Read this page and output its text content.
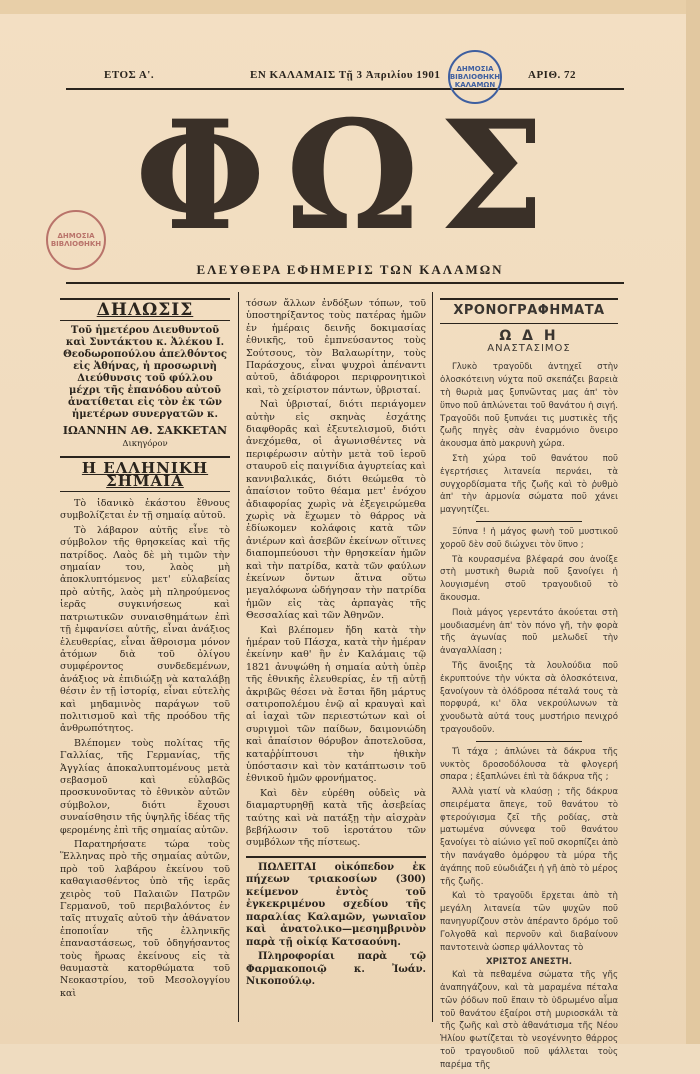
ΕΤΟΣ Α'.	ΕΝ ΚΑΛΑΜΑΙΣ Τῇ 3 Ἀπριλίου 1901	ΑΡΙΘ. 72
ΔΗΜΟΣΙΑ ΒΙΒΛΙΟΘΗΚΗ ΚΑΛΑΜΩΝ
ΦΩΣ
ΔΗΜΟΣΙΑ ΒΙΒΛΙΟΘΗΚΗ
ΕΛΕΥΘΕΡΑ ΕΦΗΜΕΡΙΣ ΤΩΝ ΚΑΛΑΜΩΝ
ΔΗΛΩΣΙΣ
Τοῦ ἡμετέρου Διευθυντοῦ καὶ Συντάκτου κ. Ἀλέκου Ι. Θεοδωροπούλου ἀπελθόντος εἰς Ἀθήνας, ἡ προσωρινὴ Διεύθυνσις τοῦ φύλλου μέχρι τῆς ἐπανόδου αὐτοῦ ἀνατίθεται εἰς τὸν ἐκ τῶν ἡμετέρων συνεργατῶν κ.
ΙΩΑΝΝΗΝ ΑΘ. ΣΑΚΚΕΤΑΝ
Δικηγόρον
Η ΕΛΛΗΝΙΚΗ ΣΗΜΑΙΑ

Τὸ ἰδανικὸ ἑκάστου ἔθνους συμβολίζεται ἐν τῇ σημαίᾳ αὐτοῦ.

Τὸ λάβαρον αὐτῆς εἶνε τὸ σύμβολον τῆς θρησκείας καὶ τῆς πατρίδος. Λαὸς δὲ μὴ τιμῶν τὴν σημαίαν του, λαὸς μὴ ἀποκλυπτόμενος μετ' εὐλαβείας πρὸ αὐτῆς, λαὸς μὴ πληρούμενος ἱερᾶς συγκινήσεως καὶ πατριωτικῶν συναισθημάτων ἐπὶ τῇ ἐμφανίσει αὐτῆς, εἶναι ἀνάξιος ἐλευθερίας, εἶναι ἄθροισμα μόνον ἀτόμων διὰ τοῦ ὀλίγου συμφέροντος συνδεδεμένων, ἀνάξιος νὰ ἐπιδιώξῃ νὰ καταλάβῃ θέσιν ἐν τῇ ἱστορίᾳ, εἶναι εὐτελὴς καὶ μηδαμινὸς παράγων τοῦ πολιτισμοῦ καὶ τῆς προόδου τῆς ἀνθρωπότητος.

Βλέπομεν τοὺς πολίτας τῆς Γαλλίας, τῆς Γερμανίας, τῆς Ἀγγλίας ἀποκαλυπτομένους μετὰ σεβασμοῦ καὶ εὐλαβῶς προσκυνοῦντας τὸ ἐθνικὸν αὐτῶν σύμβολον, διότι ἔχουσι συναίσθησιν τῆς ὑψηλῆς ἰδέας τῆς φερομένης ἐπὶ τῆς σημαίας αὐτῶν.

Παρατηρήσατε τώρα τοὺς Ἕλληνας πρὸ τῆς σημαίας αὐτῶν, πρὸ τοῦ λαβάρου ἐκείνου τοῦ καθαγιασθέντος ὑπὸ τῆς ἱερᾶς χειρὸς τοῦ Παλαιῶν Πατρῶν Γερμανοῦ, τοῦ περιβαλόντος ἐν ταῖς πτυχαῖς αὐτοῦ τὴν ἀθάνατον ἐποποιΐαν τῆς ἑλληνικῆς ἐπαναστάσεως, τοῦ ὁδηγήσαντος τοὺς ἥρωας ἐκείνους εἰς τὰ θαυμαστὰ κατορθώματα τοῦ Νεοκαστρίου, τοῦ Μεσολογγίου καὶ

τόσων ἄλλων ἐνδόξων τόπων, τοῦ ὑποστηρίξαντος τοὺς πατέρας ἡμῶν ἐν ἡμέραις δεινῆς δοκιμασίας ἐθνικῆς, τοῦ ἐμπνεύσαντος τοὺς Σούτσους, τὸν Βαλαωρίτην, τοὺς Παράσχους, εἶναι ψυχροὶ ἀπέναντι αὐτοῦ, ἀδιάφοροι περιφρονητικοὶ καὶ, τὸ χείριστον πάντων, ὑβρισταί.

Ναὶ ὑβρισταί, διότι περιάγομεν αὐτὴν εἰς σκηνὰς ἐσχάτης διαφθορᾶς καὶ ἐξευτελισμοῦ, διότι ἀνεχόμεθα, οἱ ἀγωνισθέντες νὰ περιφέρωσιν αὐτὴν μετὰ τοῦ ἱεροῦ σταυροῦ εἰς παιγνίδια ἀγυρτείας καὶ καννιβαλικάς, διότι θεώμεθα τὸ ἀπαίσιον τοῦτο θέαμα μετ' ἐνόχου ἀδιαφορίας χωρὶς νὰ ἐξεγειρώμεθα χωρὶς νὰ ἔχωμεν τὸ θάρρος νὰ ἐδίωκομεν κολάφοις κατὰ τῶν ἀνιέρων καὶ ἀσεβῶν ἐκείνων οἵτινες διαπομπεύουσι τὴν θρησκείαν ἡμῶν καὶ τὴν πατρίδα, κατὰ τῶν φαύλων ἐκείνων ὄντων ἅτινα οὕτω μεγαλόφωνα ὠδήγησαν τὴν πατρίδα ἡμῶν εἰς τὰς ἁρπαγὰς τῆς Θεσσαλίας καὶ τῶν Ἀθηνῶν.

Καὶ βλέπομεν ἤδη κατὰ τὴν ἡμέραν τοῦ Πάσχα, κατὰ τὴν ἡμέραν ἐκείνην καθ' ἣν ἐν Καλάμαις τῷ 1821 ἀνυψώθη ἡ σημαία αὐτὴ ὑπὲρ τῆς ἐθνικῆς ἐλευθερίας, ἐν τῇ αὐτῇ ἀκριβῶς θέσει νὰ ἔσται ἤδη μάρτυς σατιροπολέμου ἐνῷ αἱ κραυγαὶ καὶ αἱ ἰαχαὶ τῶν περιεστώτων καὶ οἱ συριγμοὶ τῶν παίδων, δαιμονιώδη καὶ ἀπαίσιον θόρυβον ἀποτελοῦσα, καταῤῥίπτουσι τὴν ἠθικὴν ὑπόστασιν καὶ τὸν κατάπτωσιν τοῦ ἐθνικοῦ ἡμῶν φρονήματος.

Καὶ δὲν εὑρέθη οὐδεὶς νὰ διαμαρτυρηθῇ κατὰ τῆς ἀσεβείας ταύτης καὶ νὰ πατάξῃ τὴν αἰσχρὰν βεβήλωσιν τοῦ ἱεροτάτου τῶν συμβόλων τῆς πίστεως.

ΠΩΛΕΙΤΑΙ οἰκόπεδον ἐκ πήχεων τριακοσίων (300) κείμενον ἐντὸς τοῦ ἐγκεκριμένου σχεδίου τῆς παραλίας Καλαμῶν, γωνιαῖον καὶ ἀνατολικο—μεσημβρινὸν παρὰ τῇ οἰκίᾳ Κατσαούνη.

Πληροφορίαι παρὰ τῷ Φαρμακοποιῷ κ. Ἰωάν. Νικοπούλῳ.

ΧΡΟΝΟΓΡΑΦΗΜΑΤΑ
Ω Δ Η
ΑΝΑΣΤΑΣΙΜΟΣ

Γλυκὸ τραγοῦδι ἀντηχεῖ στὴν ὁλοσκότεινη νύχτα ποῦ σκεπάζει βαρειὰ τὴ θωριὰ μας ξυπνῶντας μας ἀπ' τὸν ὕπνο ποῦ ἀπλώνεται τοῦ θανάτου ἡ σιγή. Τραγοῦδι ποῦ ξυπνάει τις μυστικὲς τῆς ζωῆς πηγὲς σὰν ἐναρμόνιο ὄνειρο ἀκουσμα ἀπὸ μακρυνὴ χώρα.

Στὴ χώρα τοῦ θανάτου ποῦ ἐγερτήσιες λιτανεία περνάει, τὰ συγχορδίσματα τῆς ζωῆς καὶ τὸ ῥυθμὸ ἀπ' τὴν ἁρμονία σώματα ποῦ χάνει μαγνητίζει.

Ξύπνα ! ἡ μάγος φωνὴ τοῦ μυστικοῦ χοροῦ δὲν σοῦ διώχνει τὸν ὕπνο ;

Τὰ κουρασμένα βλέφαρά σου ἀνοίξε στὴ μυστικὴ θωριὰ ποῦ ξανοίγει ἡ λουγισμένη στοῦ τραγουδιοῦ τὸ ἄκουσμα.

Ποιὰ μάγος γερεντάτο ἀκούεται στὴ μουδιασμένη ἀπ' τὸν πόνο γῆ, τὴν φορὰ τῆς ἀγωνίας ποῦ μελωδεῖ τὴν ἀναγαλλίαση ;

Τῆς ἄνοιξης τὰ λουλούδια ποῦ ἐκρυπτούνε τὴν νύκτα σὰ ὁλοσκότεινα, ξανοίγουν τὰ ὁλόδροσα πέταλά τους τὰ πορφυρά, κι' ὅλα νεκρούλωνων τὰ χνουδωτὰ αὐτά τους μυστήριο πενιχρό τραγουδοῦν.

Τὶ τάχα ; ἀπλώνει τὰ δάκρυα τῆς νυκτὸς δροσοδόλουσα τὰ φλογερή σπαρα ; ἐξαπλώνει ἐπὶ τὰ δάκρυα τῆς ;

Ἀλλὰ γιατί νὰ κλαύσῃ ; τῆς δάκρυα σπειρέματα ἄπεγε, τοῦ θανάτου τὸ φτερούγισμα ζεῖ τῆς ροδίας, στὰ ματωμένα σύννεφα τοῦ θανάτου ξανοίγει τὸ αἰώνιο γεῖ ποῦ σκορπίζει ἀπὸ τὴν πανάγαθο ὀμόρφου τὰ μύρα τῆς ἀγάπης ποῦ εὐωδιάζει ἡ γῆ ἀπὸ τὸ μέρος τῆς ζωῆς.

Καὶ τὸ τραγοῦδι ἔρχεται ἀπὸ τὴ μεγάλη λιτανεία τῶν ψυχῶν ποῦ πανηγυρίζουν στὸν ἀπέραντο δρόμο τοῦ Γολγοθᾶ καὶ περνοῦν καὶ διαβαίνουν παντοτεινὰ ὡσπερ ψάλλοντας τὸ

ΧΡΙΣΤΟΣ ΑΝΕΣΤΗ.

Καὶ τὰ πεθαμένα σώματα τῆς γῆς ἀναπηγάζουν, καὶ τὰ μαραμένα πέταλα τῶν ῥόδων ποῦ ἔπαιν τὸ ὑδρωμένο αἷμα τοῦ θανάτου ἐξαίροι στὴ μυριοσκάλι τὰ τῆς ζωῆς καὶ στὸ ἀθανάτισμα τῆς Νέου Ἡλίου φωτίζεται τὸ νεογέννητο θάρρος τοῦ τραγουδιοῦ ποῦ ψάλλεται τοὺς παρέμα τῆς
